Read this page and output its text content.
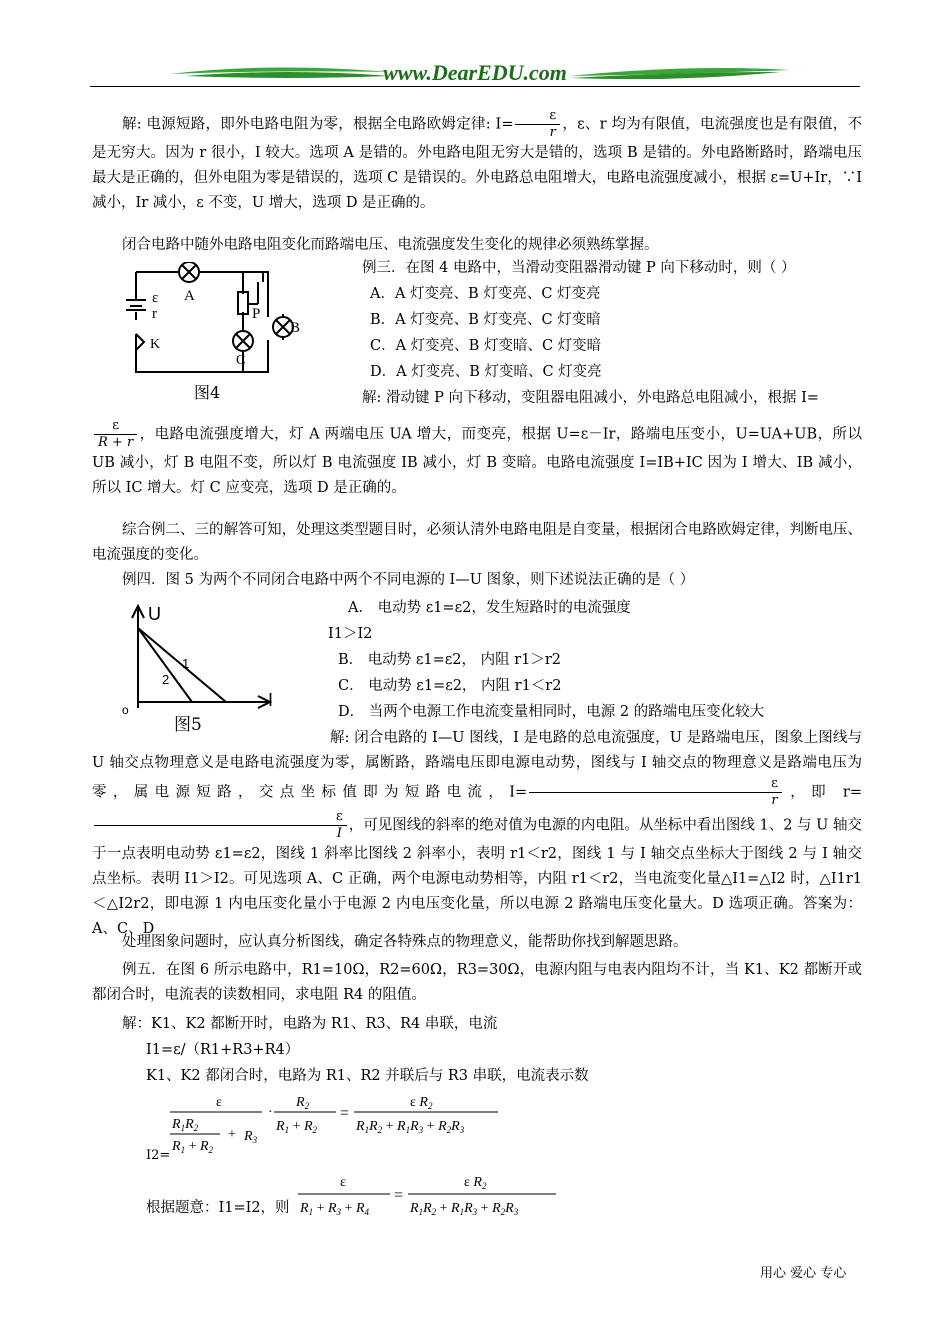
www.DearEDU.com
解: 电源短路，即外电路电阻为零，根据全电路欧姆定律: $I= \frac{\varepsilon}{r}$ ，ε、r 均为有限值，电流强度也是有限值，不是无穷大。因为 r 很小，I 较大。选项 A 是错的。外电路电阻无穷大是错的，选项 B 是错的。外电路断路时，路端电压最大是正确的，但外电阻为零是错误的，选项 C 是错误的。外电路总电阻增大，电路电流强度减小，根据 ε=U+Ir，∵I 减小，Ir 减小，ε 不变，U 增大，选项 D 是正确的。
闭合电路中随外电路电阻变化而路端电压、电流强度发生变化的规律必须熟练掌握。
ε
r
K
A
P
C
B
图4
例三．在图 4 电路中，当滑动变阻器滑动键 P 向下移动时，则（ ）
A．A 灯变亮、B 灯变亮、C 灯变亮
B．A 灯变亮、B 灯变亮、C 灯变暗
C．A 灯变亮、B 灯变暗、C 灯变暗
D．A 灯变亮、B 灯变暗、C 灯变亮
解: 滑动键 P 向下移动，变阻器电阻减小，外电路总电阻减小，根据 I=
$\frac{\varepsilon}{R + r}$ ，电路电流强度增大，灯 A 两端电压 UA 增大，而变亮，根据 U=ε－Ir，路端电压变小，U=UA+UB，所以 UB 减小，灯 B 电阻不变，所以灯 B 电流强度 IB 减小，灯 B 变暗。电路电流强度 I=IB+IC 因为 I 增大、IB 减小，所以 IC 增大。灯 C 应变亮，选项 D 是正确的。
综合例二、三的解答可知，处理这类型题目时，必须认清外电路电阻是自变量，根据闭合电路欧姆定律，判断电压、电流强度的变化。
例四．图 5 为两个不同闭合电路中两个不同电源的 I—U 图象，则下述说法正确的是（ ）
U
I
o
1
2
图5
A． 电动势 ε1=ε2，发生短路时的电流强度
I1＞I2
B． 电动势 ε1=ε2， 内阻 r1＞r2
C． 电动势 ε1=ε2， 内阻 r1＜r2
D． 当两个电源工作电流变量相同时，电源 2 的路端电压变化较大
解: 闭合电路的 I—U 图线，I 是电路的总电流强度，U 是路端电压，图象上图线与 U 轴交点物理意义是电路电流强度为零，属断路，路端电压即电源电动势，图线与 I 轴交点的物理意义是路端电压为零，属电源短路，交点坐标值即为短路电流，$I= \frac{\varepsilon}{r}$ ，即 r=
$\frac{\varepsilon}{I}$ ，可见图线的斜率的绝对值为电源的内电阻。从坐标中看出图线 1、2 与 U 轴交于一点表明电动势 ε1=ε2，图线 1 斜率比图线 2 斜率小，表明 r1＜r2，图线 1 与 I 轴交点坐标大于图线 2 与 I 轴交点坐标。表明 I1＞I2。可见选项 A、C 正确，两个电源电动势相等，内阻 r1＜r2，当电流变化量△I1=△I2 时，△I1r1＜△I2r2，即电源 1 内电压变化量小于电源 2 内电压变化量，所以电源 2 路端电压变化量大。D 选项正确。答案为：A、C、D
处理图象问题时，应认真分析图线，确定各特殊点的物理意义，能帮助你找到解题思路。
例五．在图 6 所示电路中，R1=10Ω，R2=60Ω，R3=30Ω，电源内阻与电表内阻均不计，当 K1、K2 都断开或都闭合时，电流表的读数相同，求电阻 R4 的阻值。
解：K1、K2 都断开时，电路为 R1、R3、R4 串联，电流
I1=ε/（R1+R3+R4）
K1、K2 都闭合时，电路为 R1、R2 并联后与 R3 串联，电流表示数
ε
$R_1R_2$
$R_1 + R_2$
+ $R_3$
·
$R_2$
$R_1 + R_2$
=
ε $R_2$
$R_1R_2 + R_1R_3 + R_2R_3$
I2=
根据题意：I1=I2，则
ε
$R_1 + R_3 + R_4$
=
ε $R_2$
$R_1R_2 + R_1R_3 + R_2R_3$
用心 爱心 专心
